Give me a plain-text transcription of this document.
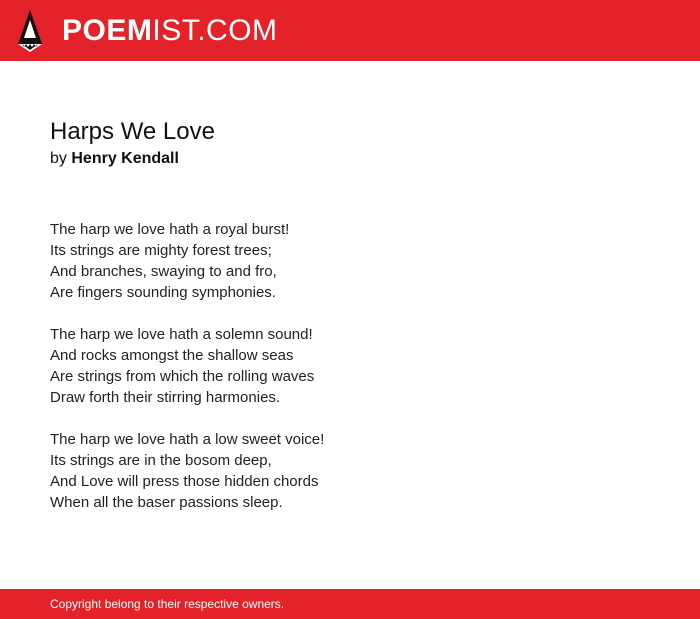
POEMIST.COM
Harps We Love

by Henry Kendall

The harp we love hath a royal burst!
Its strings are mighty forest trees;
And branches, swaying to and fro,
Are fingers sounding symphonies.

The harp we love hath a solemn sound!
And rocks amongst the shallow seas
Are strings from which the rolling waves
Draw forth their stirring harmonies.

The harp we love hath a low sweet voice!
Its strings are in the bosom deep,
And Love will press those hidden chords
When all the baser passions sleep.

Copyright belong to their respective owners.
